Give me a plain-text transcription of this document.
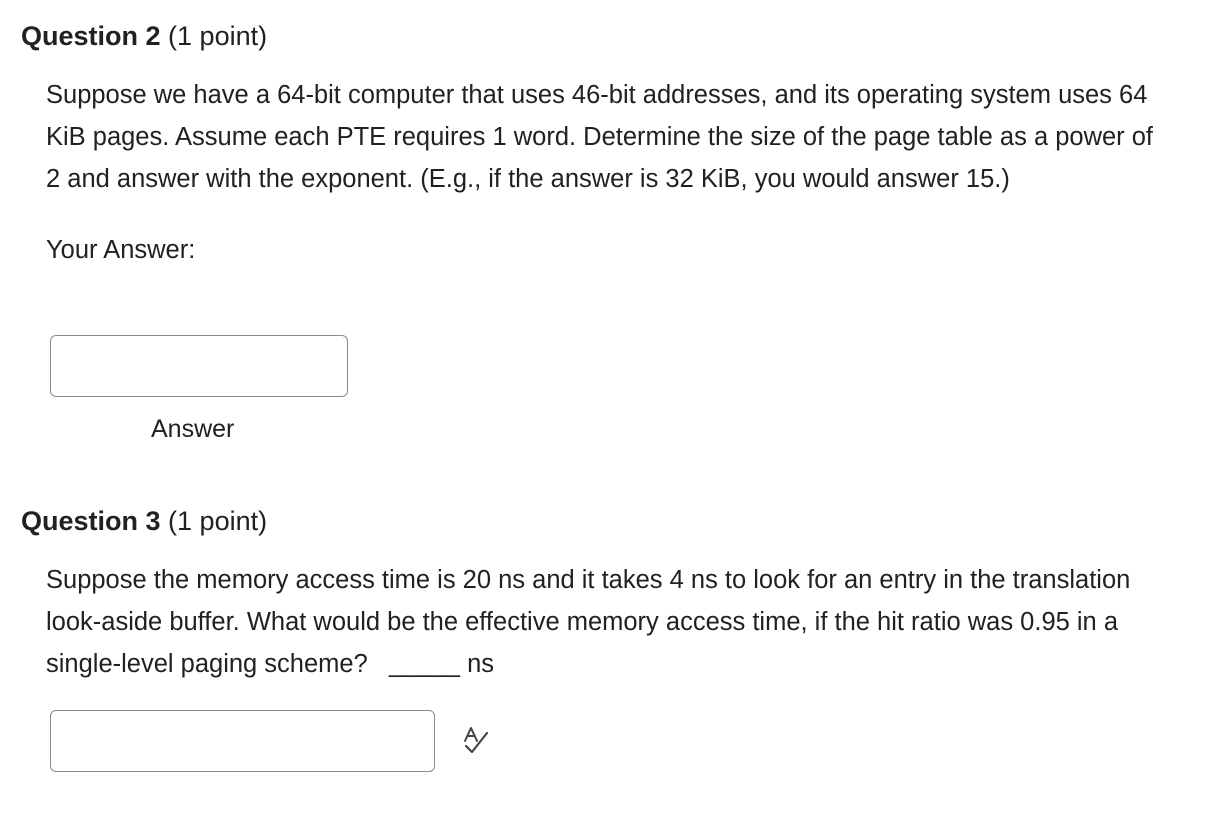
Question 2 (1 point)
Suppose we have a 64-bit computer that uses 46-bit addresses, and its operating system uses 64 KiB pages. Assume each PTE requires 1 word. Determine the size of the page table as a power of 2 and answer with the exponent. (E.g., if the answer is 32 KiB, you would answer 15.)
Your Answer:
Answer
Question 3 (1 point)
Suppose the memory access time is 20 ns and it takes 4 ns to look for an entry in the translation look-aside buffer. What would be the effective memory access time, if the hit ratio was 0.95 in a single-level paging scheme? _____ ns
